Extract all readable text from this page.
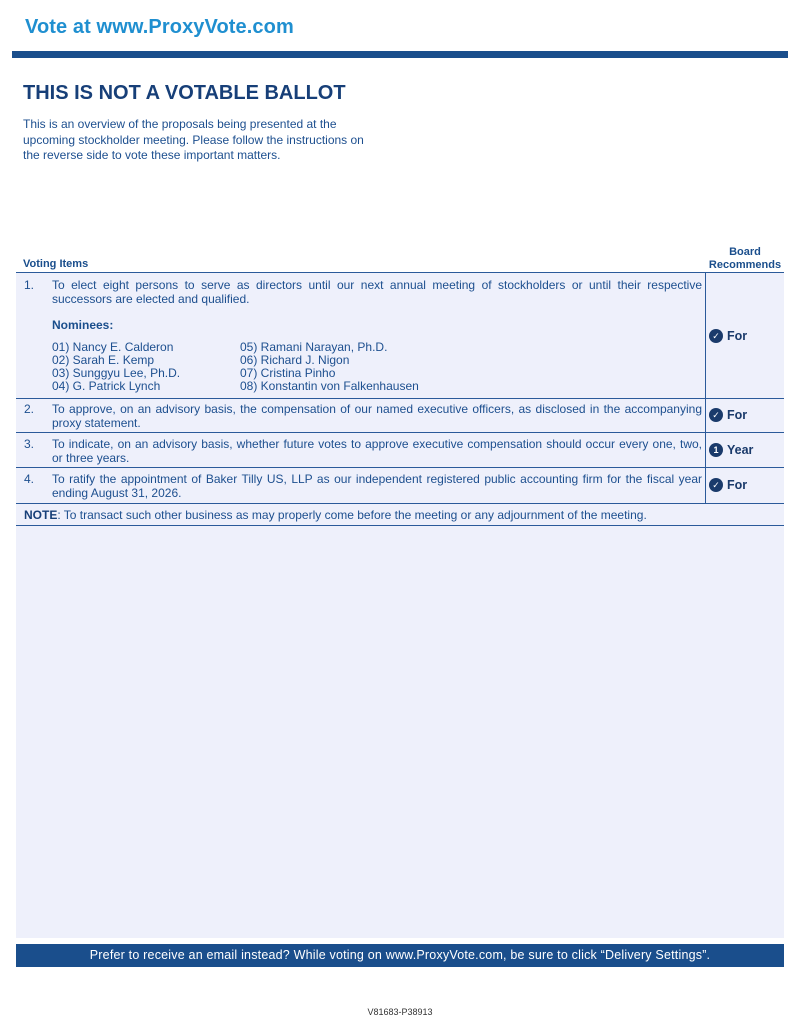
Vote at www.ProxyVote.com
THIS IS NOT A VOTABLE BALLOT
This is an overview of the proposals being presented at the
upcoming stockholder meeting. Please follow the instructions on
the reverse side to vote these important matters.
Voting Items
Board
Recommends
1. To elect eight persons to serve as directors until our next annual meeting of stockholders or until their respective successors are elected and qualified.
Nominees:
01) Nancy E. Calderon
02) Sarah E. Kemp
03) Sunggyu Lee, Ph.D.
04) G. Patrick Lynch
05) Ramani Narayan, Ph.D.
06) Richard J. Nigon
07) Cristina Pinho
08) Konstantin von Falkenhausen
✓ For
2. To approve, on an advisory basis, the compensation of our named executive officers, as disclosed in the accompanying proxy statement.
✓ For
3. To indicate, on an advisory basis, whether future votes to approve executive compensation should occur every one, two, or three years.
1 Year
4. To ratify the appointment of Baker Tilly US, LLP as our independent registered public accounting firm for the fiscal year ending August 31, 2026.
✓ For
NOTE: To transact such other business as may properly come before the meeting or any adjournment of the meeting.
Prefer to receive an email instead? While voting on www.ProxyVote.com, be sure to click “Delivery Settings”.
V81683-P38913
